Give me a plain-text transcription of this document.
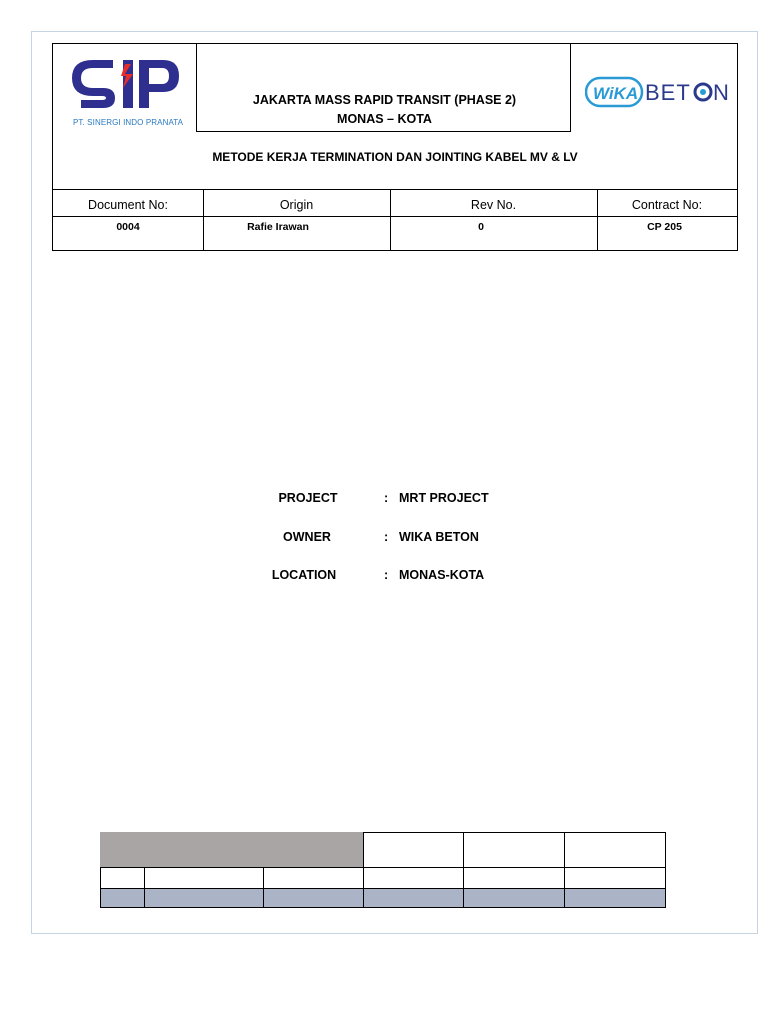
PT. SINERGI INDO PRANATA
JAKARTA MASS RAPID TRANSIT (PHASE 2)
MONAS – KOTA
WiKA BET N
METODE KERJA TERMINATION DAN JOINTING KABEL MV & LV
Document No:	Origin	Rev No.	Contract No:
0004	Rafie Irawan	0	CP 205
PROJECT	: MRT PROJECT
OWNER	: WIKA BETON
LOCATION	: MONAS-KOTA
